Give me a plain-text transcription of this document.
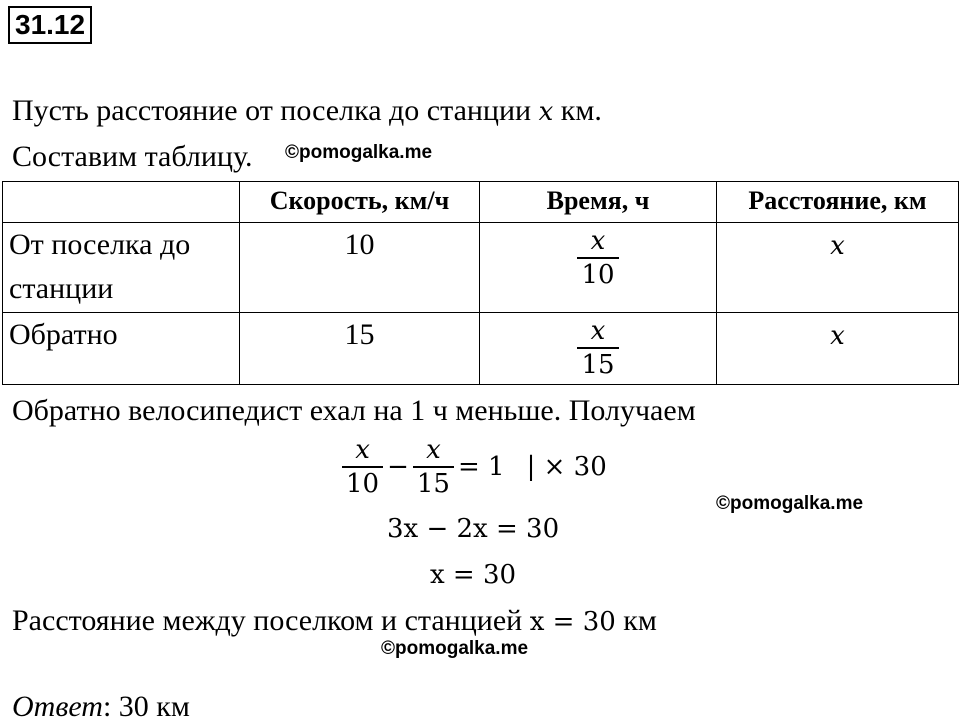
31.12
Пусть расстояние от поселка до станции x км.
Составим таблицу. ©pomogalka.me
	Скорость, км/ч	Время, ч	Расстояние, км
От поселка до станции	10	$\frac{x}{10}$	x
Обратно	15	$\frac{x}{15}$	x
Обратно велосипедист ехал на 1 ч меньше. Получаем
$\frac{x}{10} - \frac{x}{15} = 1$ | × 30
©pomogalka.me
3x − 2x = 30
x = 30
Расстояние между поселком и станцией x = 30 км
©pomogalka.me
Ответ: 30 км
